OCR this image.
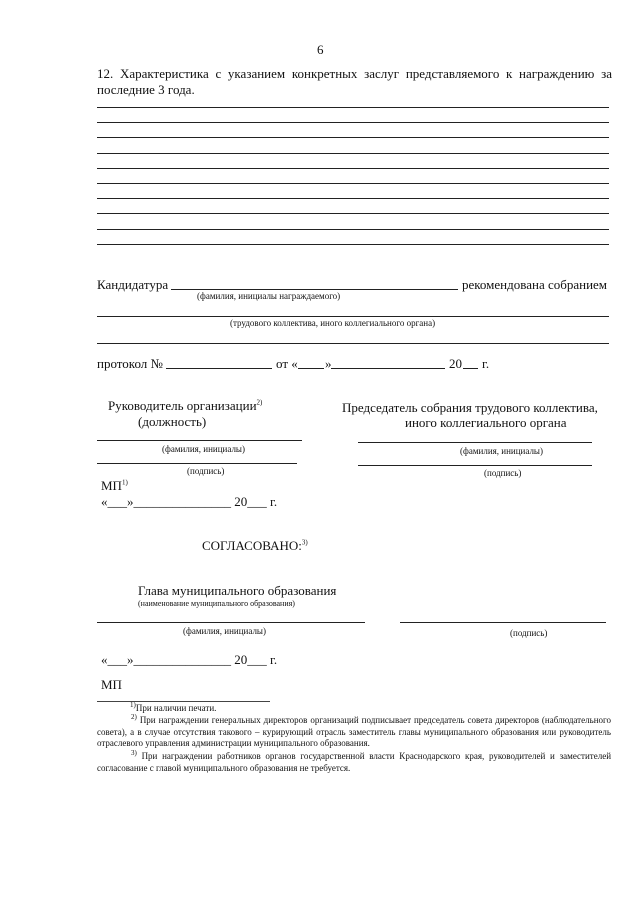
6
12. Характеристика с указанием конкретных заслуг представляемого к награждению за последние 3 года.
Кандидатура	рекомендована собранием
(фамилия, инициалы награждаемого)
(трудового коллектива, иного коллегиального органа)
протокол №	от « »	20 г.
Руководитель организации$^{2)}$
(должность)
(фамилия, инициалы)
(подпись)
МП$^{1)}$
«___»_______________ 20___ г.
Председатель собрания трудового коллектива,
иного коллегиального органа
(фамилия, инициалы)
(подпись)
СОГЛАСОВАНО:$^{3)}$
Глава муниципального образования
(наименование муниципального образования)
(фамилия, инициалы)	(подпись)
«___»_______________ 20___ г.
МП
$^{1)}$При наличии печати.
$^{2)}$ При награждении генеральных директоров организаций подписывает председатель совета директоров (наблюдательного совета), а в случае отсутствия такового – курирующий отрасль заместитель главы муниципального образования или руководитель отраслевого управления администрации муниципального образования.
$^{3)}$ При награждении работников органов государственной власти Краснодарского края, руководителей и заместителей согласование с главой муниципального образования не требуется.
